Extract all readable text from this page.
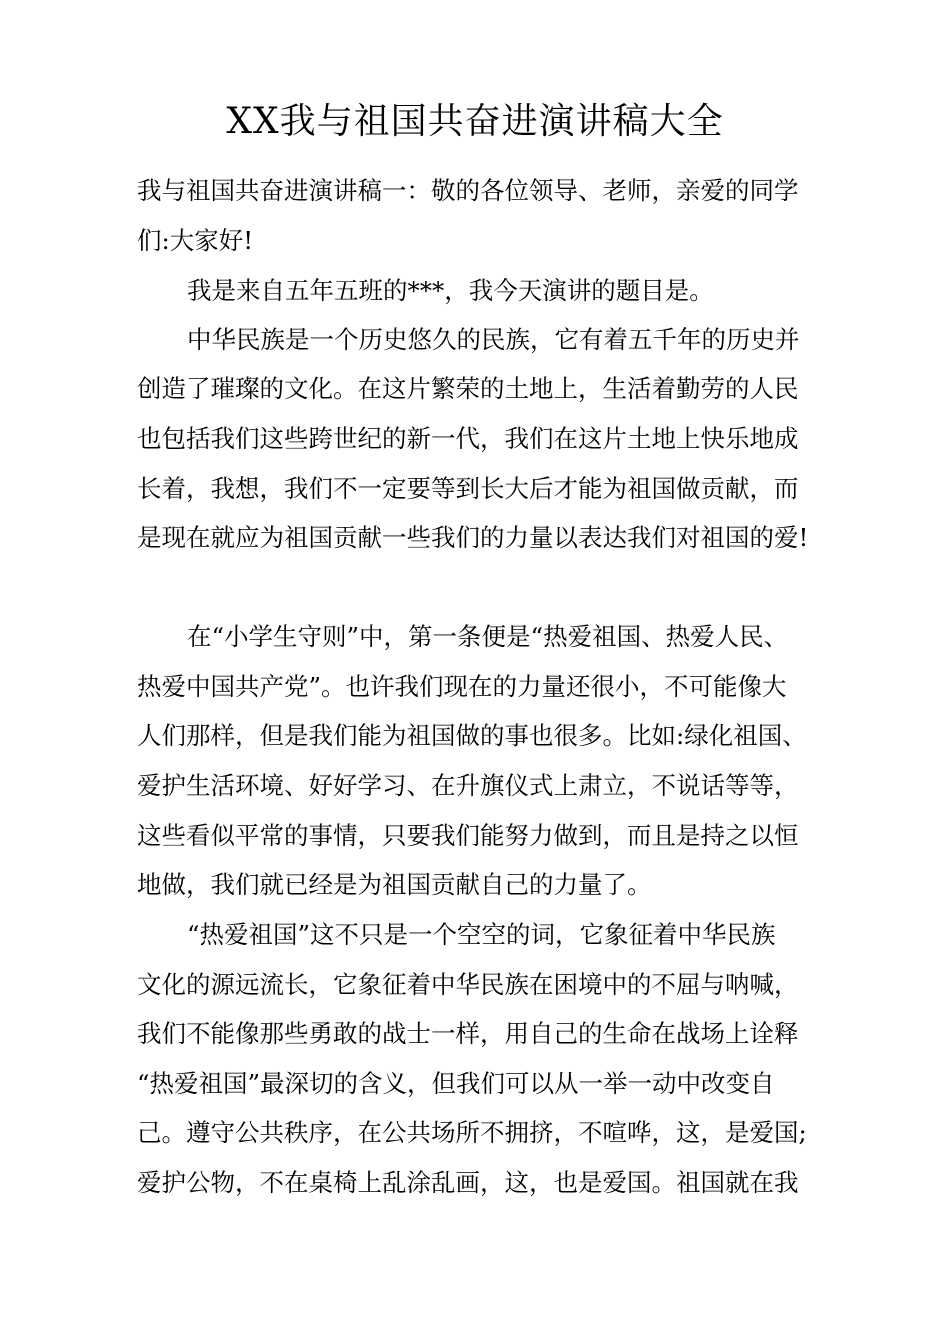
XX我与祖国共奋进演讲稿大全
我与祖国共奋进演讲稿一：敬的各位领导、老师，亲爱的同学
们:大家好!
我是来自五年五班的***，我今天演讲的题目是。
中华民族是一个历史悠久的民族，它有着五千年的历史并
创造了璀璨的文化。在这片繁荣的土地上，生活着勤劳的人民
也包括我们这些跨世纪的新一代，我们在这片土地上快乐地成
长着，我想，我们不一定要等到长大后才能为祖国做贡献，而
是现在就应为祖国贡献一些我们的力量以表达我们对祖国的爱!
在“小学生守则”中，第一条便是“热爱祖国、热爱人民、
热爱中国共产党”。也许我们现在的力量还很小，不可能像大
人们那样，但是我们能为祖国做的事也很多。比如:绿化祖国、
爱护生活环境、好好学习、在升旗仪式上肃立，不说话等等，
这些看似平常的事情，只要我们能努力做到，而且是持之以恒
地做，我们就已经是为祖国贡献自己的力量了。
“热爱祖国”这不只是一个空空的词，它象征着中华民族
文化的源远流长，它象征着中华民族在困境中的不屈与呐喊，
我们不能像那些勇敢的战士一样，用自己的生命在战场上诠释
“热爱祖国”最深切的含义，但我们可以从一举一动中改变自
己。遵守公共秩序，在公共场所不拥挤，不喧哗，这，是爱国;
爱护公物，不在桌椅上乱涂乱画，这，也是爱国。祖国就在我
